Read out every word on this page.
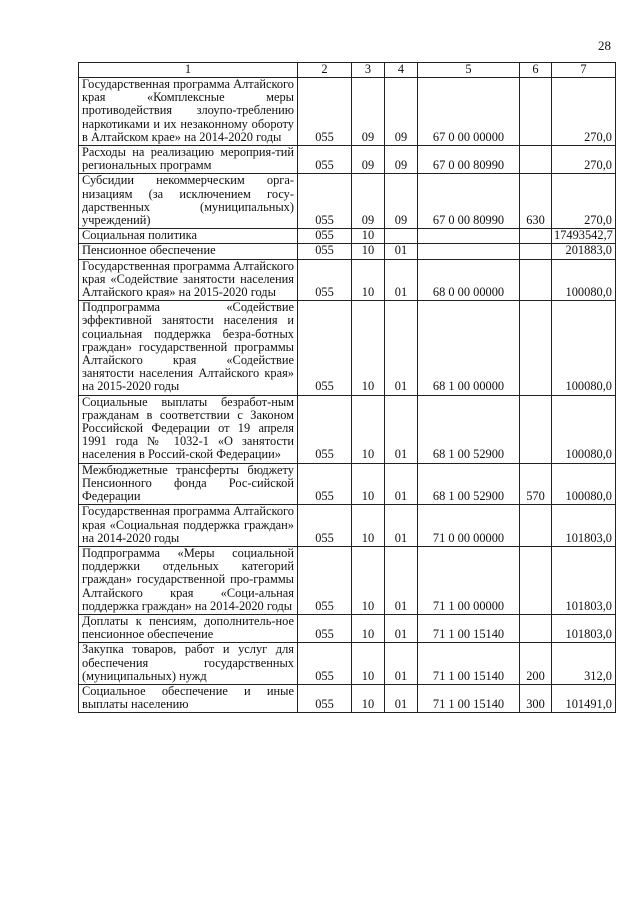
28
1	2	3	4	5	6	7
Государственная программа Алтайского края «Комплексные меры противодействия злоупо-треблению наркотиками и их незаконному обороту в Алтайском крае» на 2014-2020 годы	055	09	09	67 0 00 00000		270,0
Расходы на реализацию мероприя-тий региональных программ	055	09	09	67 0 00 80990		270,0
Субсидии некоммерческим орга-низациям (за исключением госу-дарственных (муниципальных) учреждений)	055	09	09	67 0 00 80990	630	270,0
Социальная политика	055	10				17493542,7
Пенсионное обеспечение	055	10	01			201883,0
Государственная программа Алтайского края «Содействие занятости населения Алтайского края» на 2015-2020 годы	055	10	01	68 0 00 00000		100080,0
Подпрограмма «Содействие эффективной занятости населения и социальная поддержка безра-ботных граждан» государственной программы Алтайского края «Содействие занятости населения Алтайского края» на 2015-2020 годы	055	10	01	68 1 00 00000		100080,0
Социальные выплаты безработ-ным гражданам в соответствии с Законом Российской Федерации от 19 апреля 1991 года № 1032-1 «О занятости населения в Россий-ской Федерации»	055	10	01	68 1 00 52900		100080,0
Межбюджетные трансферты бюджету Пенсионного фонда Рос-сийской Федерации	055	10	01	68 1 00 52900	570	100080,0
Государственная программа Алтайского края «Социальная поддержка граждан» на 2014-2020 годы	055	10	01	71 0 00 00000		101803,0
Подпрограмма «Меры социальной поддержки отдельных категорий граждан» государственной про-граммы Алтайского края «Соци-альная поддержка граждан» на 2014-2020 годы	055	10	01	71 1 00 00000		101803,0
Доплаты к пенсиям, дополнитель-ное пенсионное обеспечение	055	10	01	71 1 00 15140		101803,0
Закупка товаров, работ и услуг для обеспечения государственных (муниципальных) нужд	055	10	01	71 1 00 15140	200	312,0
Социальное обеспечение и иные выплаты населению	055	10	01	71 1 00 15140	300	101491,0
